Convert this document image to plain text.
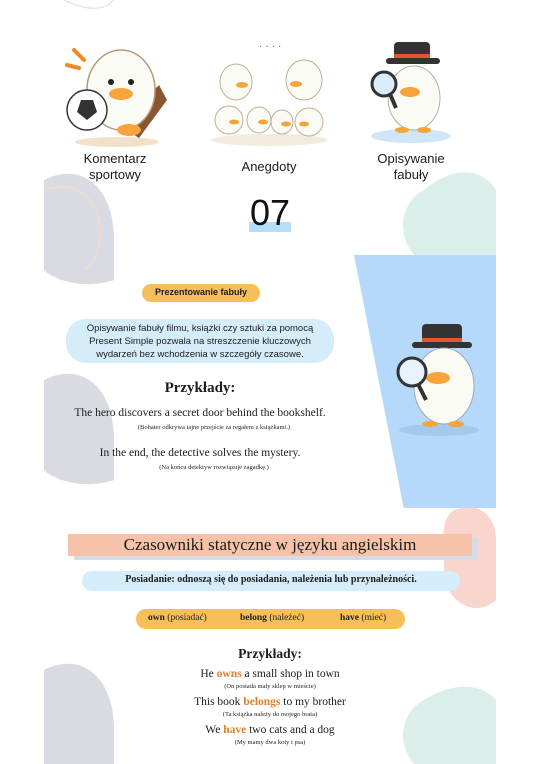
· · · ·
Komentarz
sportowy
Anegdoty
Opisywanie
fabuły
07
Prezentowanie fabuły
Opisywanie fabuły filmu, książki czy sztuki za pomocą Present Simple pozwala na streszczenie kluczowych wydarzeń bez wchodzenia w szczegóły czasowe.
Przykłady:
The hero discovers a secret door behind the bookshelf.
(Bohater odkrywa tajne przejście za regałem z książkami.)
In the end, the detective solves the mystery.
(Na końcu detektyw rozwiązuje zagadkę.)
Czasowniki statyczne w języku angielskim
Posiadanie: odnoszą się do posiadania, należenia lub przynależności.
own (posiadać)	belong (należeć)	have (mieć)
Przykłady:
He owns a small shop in town
(On posiada mały sklep w mieście)
This book belongs to my brother
(Ta książka należy do mojego brata)
We have two cats and a dog
(My mamy dwa koty i psa)
